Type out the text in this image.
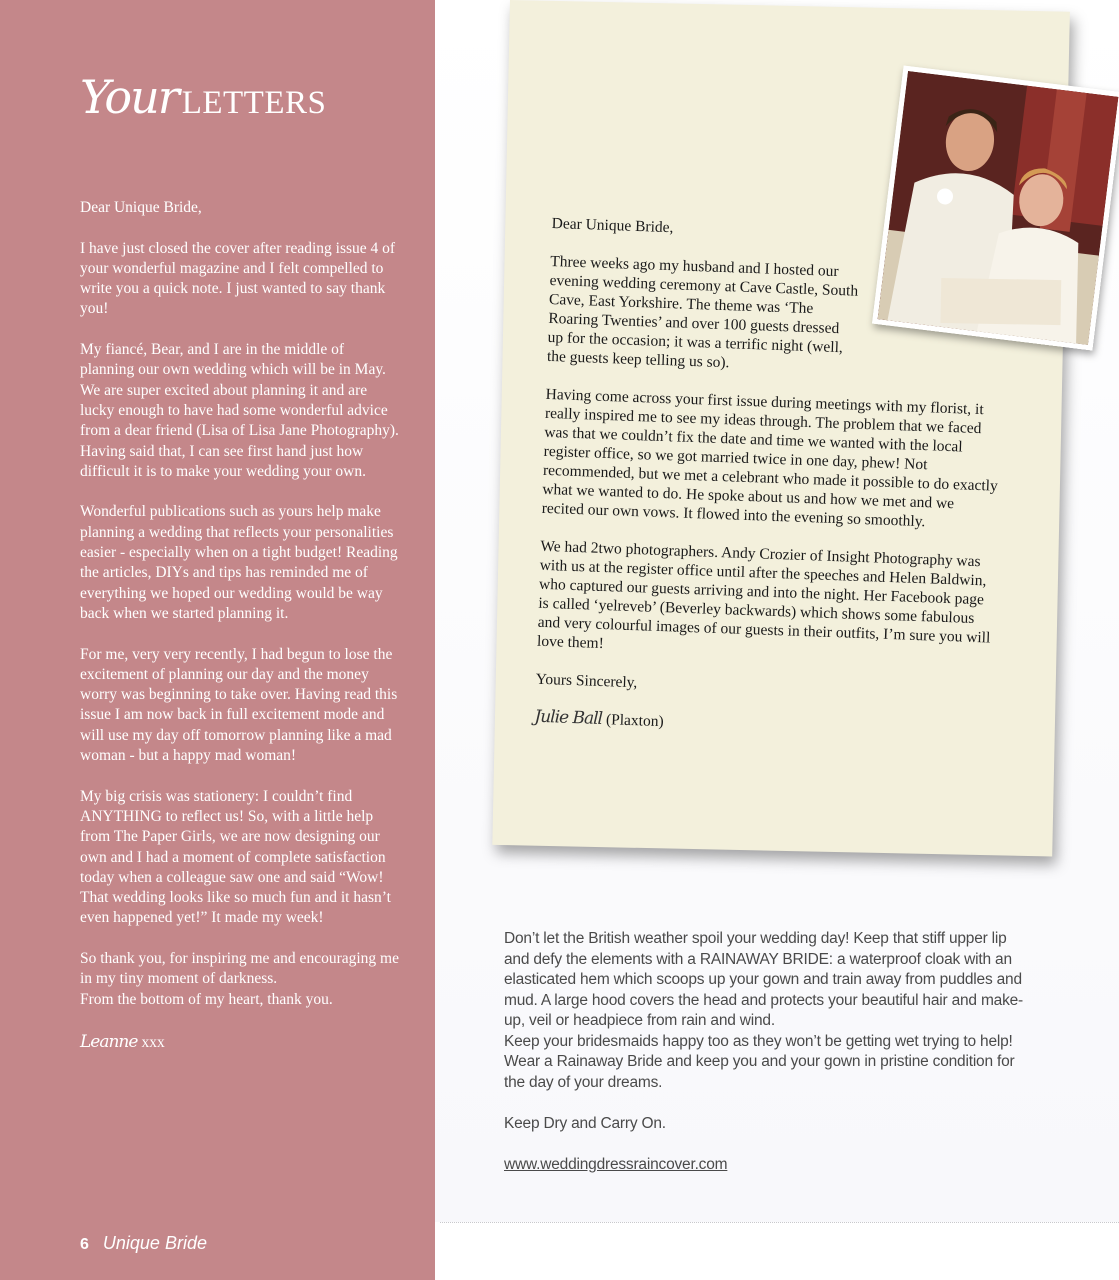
Your LETTERS

Dear Unique Bride,

I have just closed the cover after reading issue 4 of your wonderful magazine and I felt compelled to write you a quick note. I just wanted to say thank you!

My fiancé, Bear, and I are in the middle of planning our own wedding which will be in May. We are super excited about planning it and are lucky enough to have had some wonderful advice from a dear friend (Lisa of Lisa Jane Photography). Having said that, I can see first hand just how difficult it is to make your wedding your own.

Wonderful publications such as yours help make planning a wedding that reflects your personalities easier - especially when on a tight budget! Reading the articles, DIYs and tips has reminded me of everything we hoped our wedding would be way back when we started planning it.

For me, very very recently, I had begun to lose the excitement of planning our day and the money worry was beginning to take over. Having read this issue I am now back in full excitement mode and will use my day off tomorrow planning like a mad woman - but a happy mad woman!

My big crisis was stationery: I couldn’t find ANYTHING to reflect us! So, with a little help from The Paper Girls, we are now designing our own and I had a moment of complete satisfaction today when a colleague saw one and said “Wow! That wedding looks like so much fun and it hasn’t even happened yet!” It made my week!

So thank you, for inspiring me and encouraging me in my tiny moment of darkness.
From the bottom of my heart, thank you.

Leanne xxx

6 Unique Bride

Dear Unique Bride,

Three weeks ago my husband and I hosted our evening wedding ceremony at Cave Castle, South Cave, East Yorkshire. The theme was ‘The Roaring Twenties’ and over 100 guests dressed up for the occasion; it was a terrific night (well, the guests keep telling us so).

Having come across your first issue during meetings with my florist, it really inspired me to see my ideas through. The problem that we faced was that we couldn’t fix the date and time we wanted with the local register office, so we got married twice in one day, phew! Not recommended, but we met a celebrant who made it possible to do exactly what we wanted to do. He spoke about us and how we met and we recited our own vows. It flowed into the evening so smoothly.

We had 2two photographers. Andy Crozier of Insight Photography was with us at the register office until after the speeches and Helen Baldwin, who captured our guests arriving and into the night. Her Facebook page is called ‘yelreveb’ (Beverley backwards) which shows some fabulous and very colourful images of our guests in their outfits, I’m sure you will love them!

Yours Sincerely,

Julie Ball (Plaxton)

Don’t let the British weather spoil your wedding day! Keep that stiff upper lip and defy the elements with a RAINAWAY BRIDE: a waterproof cloak with an elasticated hem which scoops up your gown and train away from puddles and mud. A large hood covers the head and protects your beautiful hair and make-up, veil or headpiece from rain and wind.
Keep your bridesmaids happy too as they won’t be getting wet trying to help! Wear a Rainaway Bride and keep you and your gown in pristine condition for the day of your dreams.

Keep Dry and Carry On.

www.weddingdressraincover.com
